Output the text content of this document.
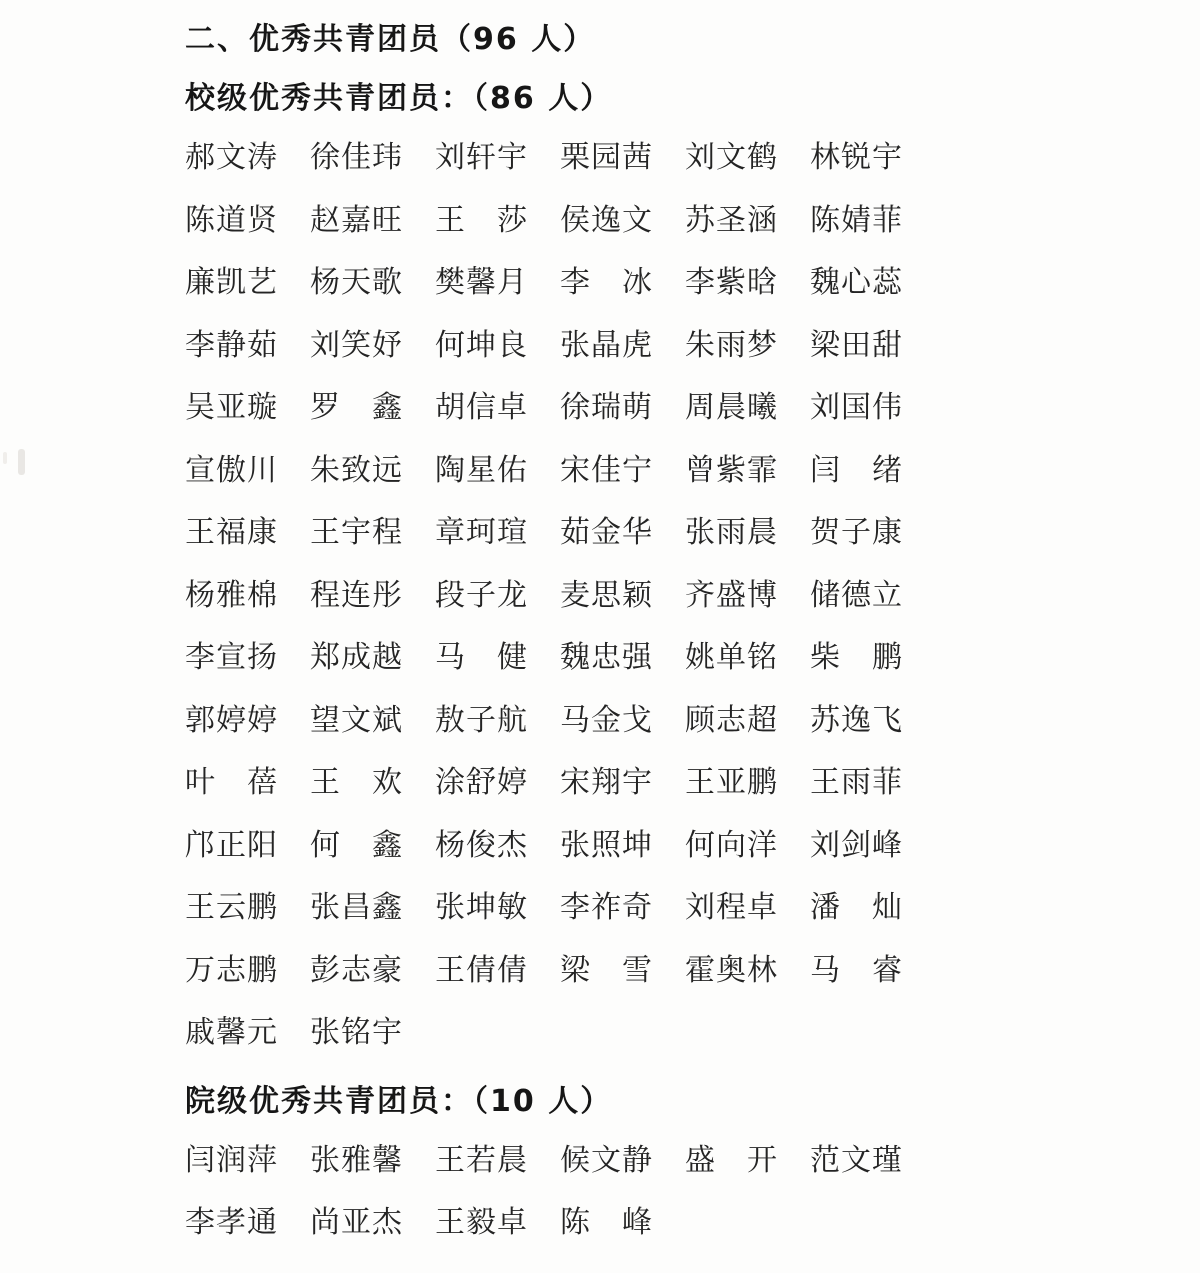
二、优秀共青团员（96 人）
校级优秀共青团员：（86 人）
郝文涛 徐佳玮 刘轩宇 栗园茜 刘文鹤 林锐宇
陈道贤 赵嘉旺 王　莎 侯逸文 苏圣涵 陈婧菲
廉凯艺 杨天歌 樊馨月 李　冰 李紫晗 魏心蕊
李静茹 刘笑妤 何坤良 张晶虎 朱雨梦 梁田甜
吴亚璇 罗　鑫 胡信卓 徐瑞萌 周晨曦 刘国伟
宣傲川 朱致远 陶星佑 宋佳宁 曾紫霏 闫　绪
王福康 王宇程 章珂瑄 茹金华 张雨晨 贺子康
杨雅棉 程连彤 段子龙 麦思颖 齐盛博 储德立
李宣扬 郑成越 马　健 魏忠强 姚单铭 柴　鹏
郭婷婷 望文斌 敖子航 马金戈 顾志超 苏逸飞
叶　蓓 王　欢 涂舒婷 宋翔宇 王亚鹏 王雨菲
邝正阳 何　鑫 杨俊杰 张照坤 何向洋 刘剑峰
王云鹏 张昌鑫 张坤敏 李祚奇 刘程卓 潘　灿
万志鹏 彭志豪 王倩倩 梁　雪 霍奥林 马　睿
戚馨元 张铭宇
院级优秀共青团员：（10 人）
闫润萍 张雅馨 王若晨 候文静 盛　开 范文瑾
李孝通 尚亚杰 王毅卓 陈　峰
